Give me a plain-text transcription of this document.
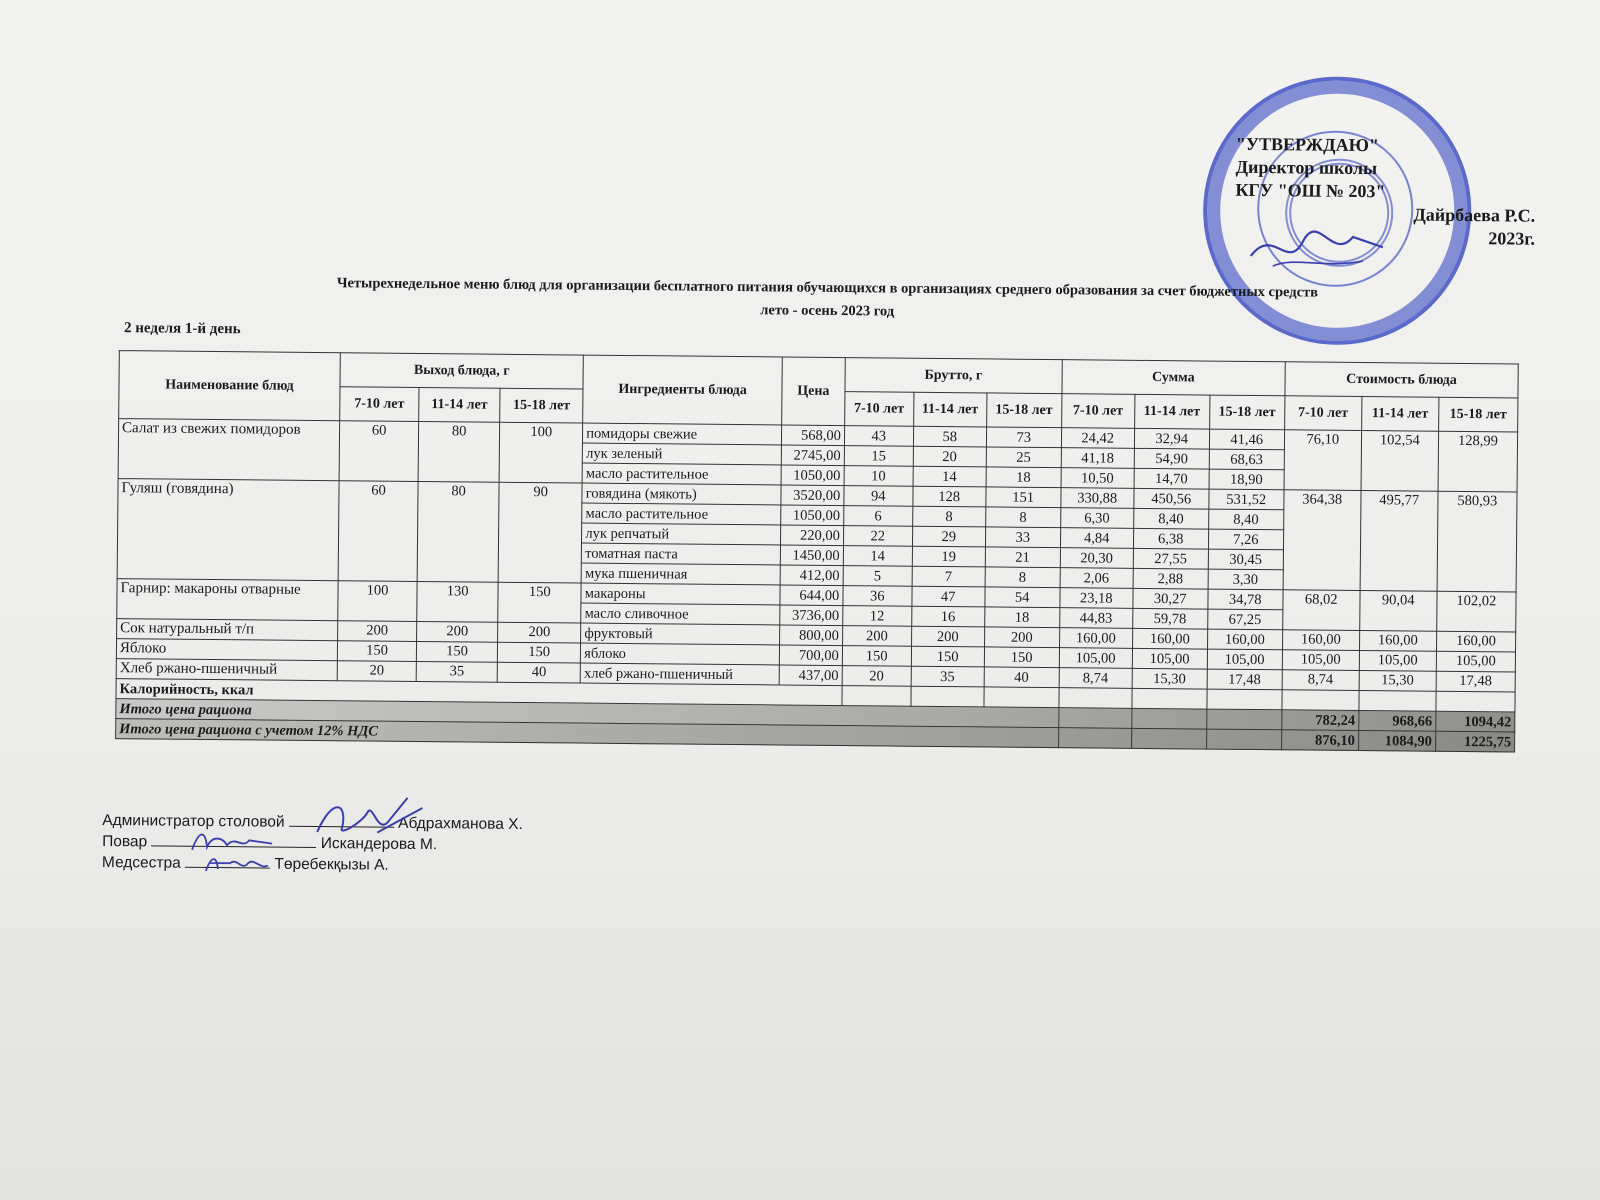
"УТВЕРЖДАЮ"
Директор школы
КГУ "ОШ № 203"
Дайрбаева Р.С.
2023г.
Четырехнедельное меню блюд для организации бесплатного питания обучающихся в организациях среднего образования за счет бюджетных средств
лето - осень 2023 год
2 неделя 1-й день
Наименование блюд	Выход блюда, г			Ингредиенты блюда	Цена	Брутто, г			Сумма			Стоимость блюда		
	7-10 лет	11-14 лет	15-18 лет			7-10 лет	11-14 лет	15-18 лет	7-10 лет	11-14 лет	15-18 лет	7-10 лет	11-14 лет	15-18 лет
Салат из свежих помидоров	60	80	100	помидоры свежие	568,00	43	58	73	24,42	32,94	41,46	76,10	102,54	128,99
				лук зеленый	2745,00	15	20	25	41,18	54,90	68,63			
				масло растительное	1050,00	10	14	18	10,50	14,70	18,90			
Гуляш (говядина)	60	80	90	говядина (мякоть)	3520,00	94	128	151	330,88	450,56	531,52	364,38	495,77	580,93
				масло растительное	1050,00	6	8	8	6,30	8,40	8,40			
				лук репчатый	220,00	22	29	33	4,84	6,38	7,26			
				томатная паста	1450,00	14	19	21	20,30	27,55	30,45			
				мука пшеничная	412,00	5	7	8	2,06	2,88	3,30			
Гарнир: макароны отварные	100	130	150	макароны	644,00	36	47	54	23,18	30,27	34,78	68,02	90,04	102,02
				масло сливочное	3736,00	12	16	18	44,83	59,78	67,25			
Сок натуральный т/п	200	200	200	фруктовый	800,00	200	200	200	160,00	160,00	160,00	160,00	160,00	160,00
Яблоко	150	150	150	яблоко	700,00	150	150	150	105,00	105,00	105,00	105,00	105,00	105,00
Хлеб ржано-пшеничный	20	35	40	хлеб ржано-пшеничный	437,00	20	35	40	8,74	15,30	17,48	8,74	15,30	17,48
Калорийность, ккал														
Итого цена рациона												782,24	968,66	1094,42
Итого цена рациона с учетом 12% НДС												876,10	1084,90	1225,75
Администратор столовой	Абдрахманова Х.
Повар	Искандерова М.
Медсестра	Төребекқызы А.
